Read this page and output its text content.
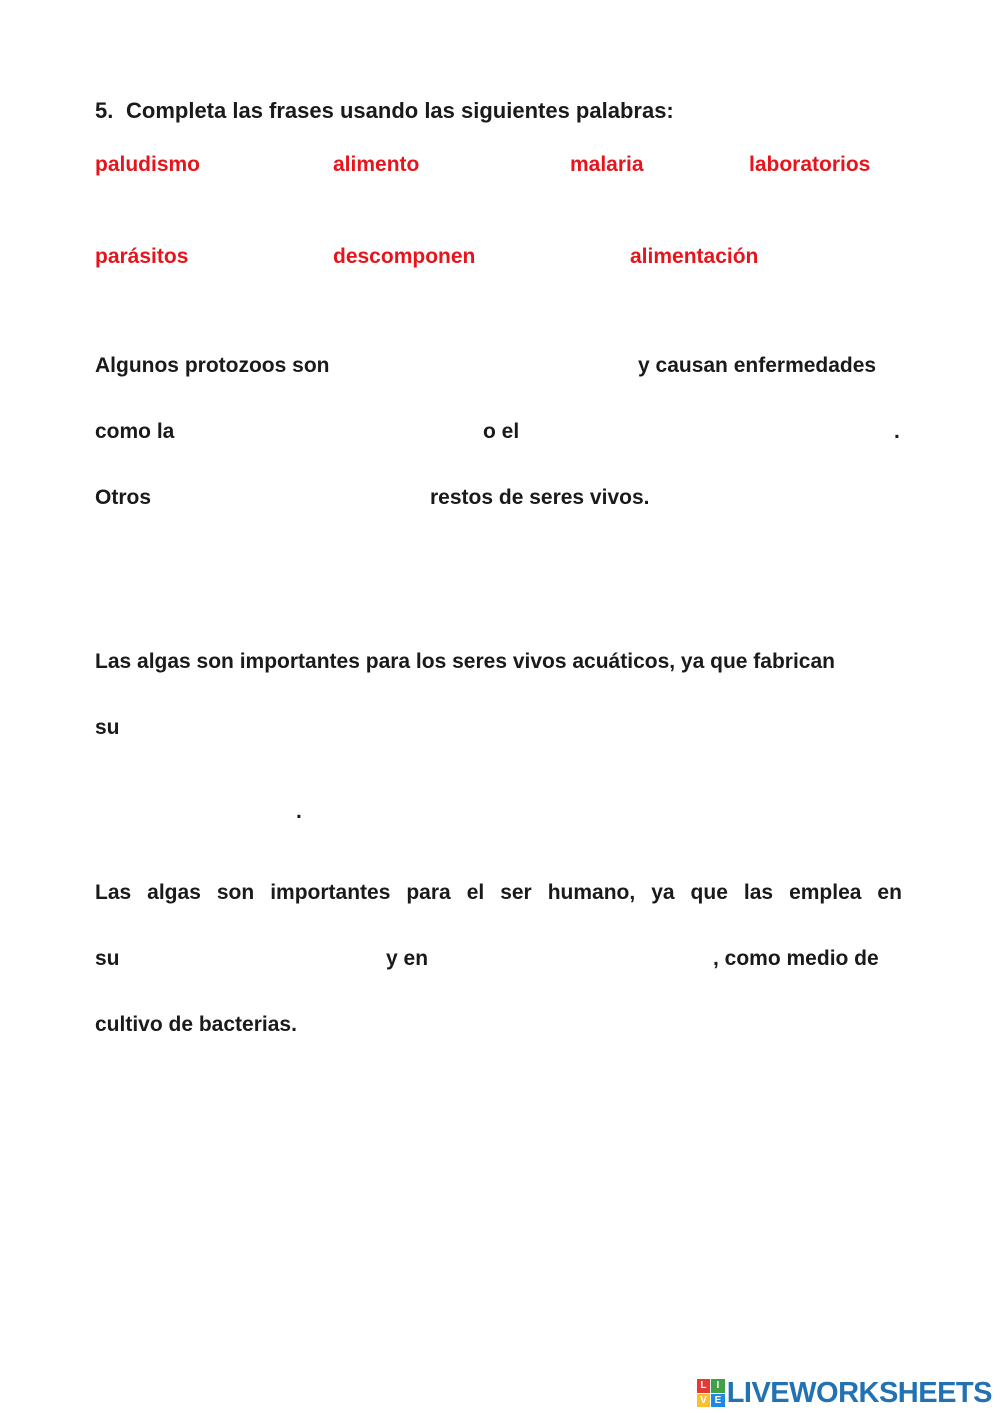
5. Completa las frases usando las siguientes palabras:
paludismo	alimento	malaria	laboratorios
parásitos	descomponen	alimentación
Algunos protozoos son	y causan enfermedades
como la	o el	.
Otros	restos de seres vivos.
Las algas son importantes para los seres vivos acuáticos, ya que fabrican
su
.
Las algas son importantes para el ser humano, ya que las emplea en
su	y en	, como medio de
cultivo de bacterias.
L	I
V E LIVEWORKSHEETS
